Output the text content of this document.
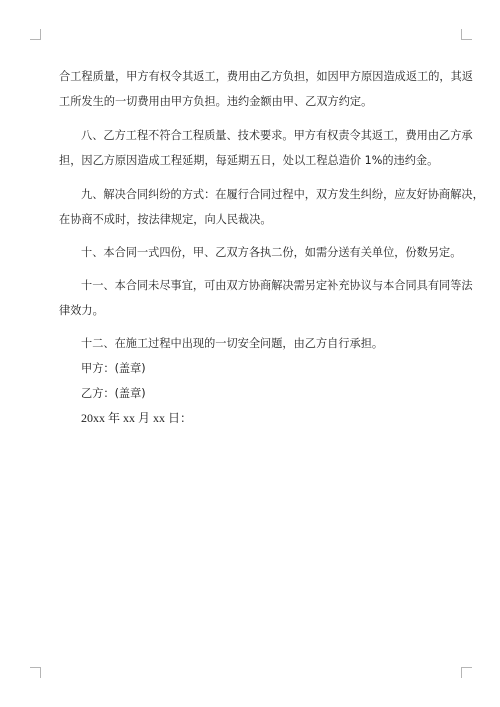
合工程质量，甲方有权令其返工，费用由乙方负担，如因甲方原因造成返工的，其返
工所发生的一切费用由甲方负担。违约金额由甲、乙双方约定。
八、乙方工程不符合工程质量、技术要求。甲方有权责令其返工，费用由乙方承
担，因乙方原因造成工程延期，每延期五日，处以工程总造价 1%的违约金。
九、解决合同纠纷的方式：在履行合同过程中，双方发生纠纷，应友好协商解决，
在协商不成时，按法律规定，向人民裁决。
十、本合同一式四份，甲、乙双方各执二份，如需分送有关单位，份数另定。
十一、本合同未尽事宜，可由双方协商解决需另定补充协议与本合同具有同等法
律效力。
十二、在施工过程中出现的一切安全问题，由乙方自行承担。
甲方：(盖章)
乙方：(盖章)
20xx 年 xx 月 xx 日：
